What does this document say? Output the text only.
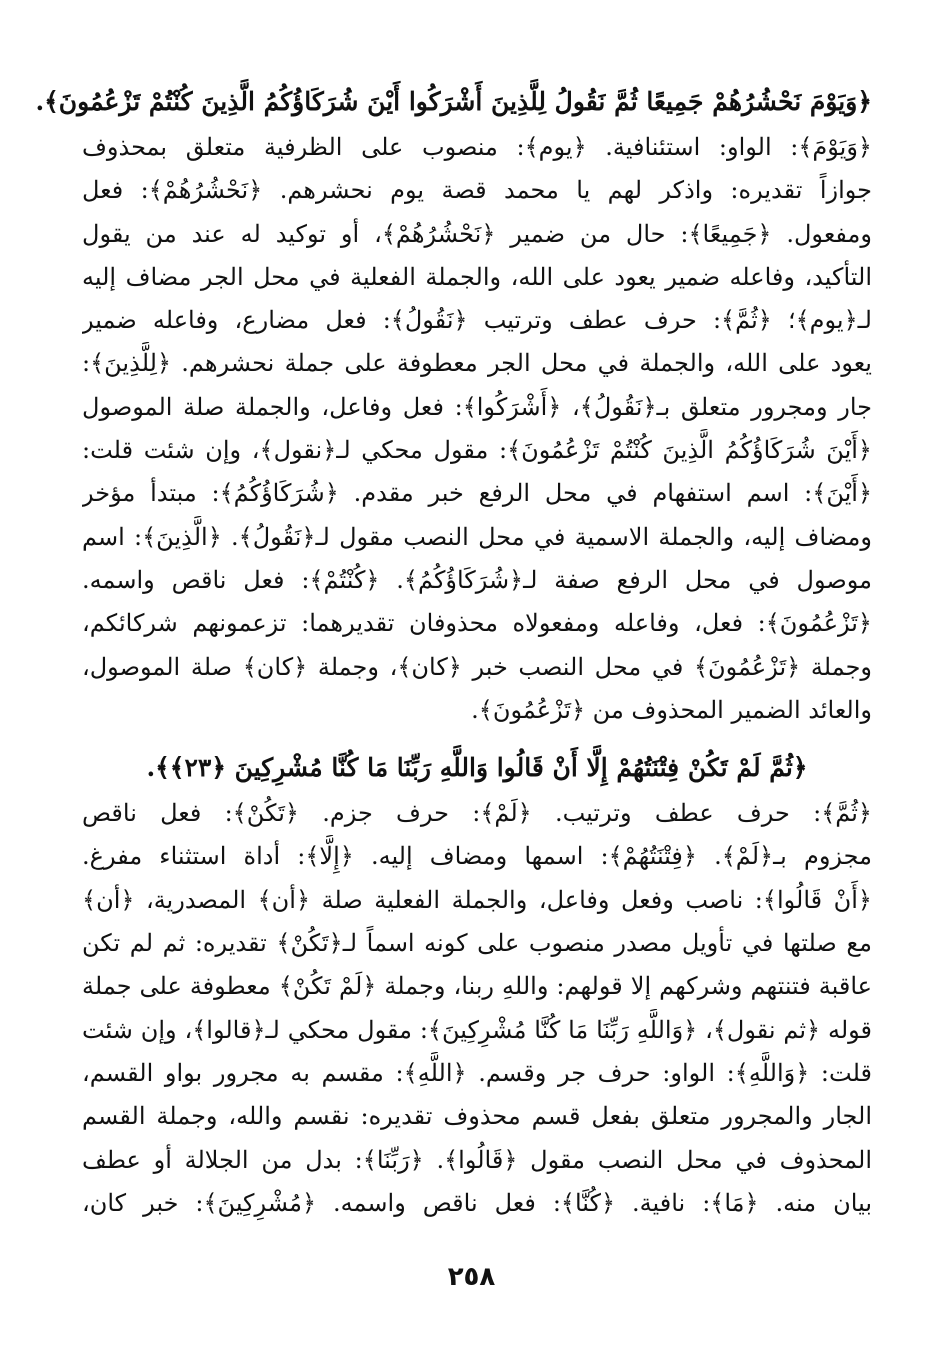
﴿وَيَوْمَ نَحْشُرُهُمْ جَمِيعًا ثُمَّ نَقُولُ لِلَّذِينَ أَشْرَكُوا أَيْنَ شُرَكَاؤُكُمُ الَّذِينَ كُنْتُمْ تَزْعُمُونَ﴾.

﴿وَيَوْمَ﴾: الواو: استئنافية. ﴿يوم﴾: منصوب على الظرفية متعلق بمحذوف
جوازاً تقديره: واذكر لهم يا محمد قصة يوم نحشرهم. ﴿نَحْشُرُهُمْ﴾: فعل
ومفعول. ﴿جَمِيعًا﴾: حال من ضمير ﴿نَحْشُرُهُمْ﴾، أو توكيد له عند من يقول
التأكيد، وفاعله ضمير يعود على الله، والجملة الفعلية في محل الجر مضاف إليه
لـ﴿يوم﴾؛ ﴿ثُمَّ﴾: حرف عطف وترتيب ﴿نَقُولُ﴾: فعل مضارع، وفاعله ضمير
يعود على الله، والجملة في محل الجر معطوفة على جملة نحشرهم. ﴿لِلَّذِينَ﴾:
جار ومجرور متعلق بـ﴿نَقُولُ﴾، ﴿أَشْرَكُوا﴾: فعل وفاعل، والجملة صلة الموصول
﴿أَيْنَ شُرَكَاؤُكُمُ الَّذِينَ كُنْتُمْ تَزْعُمُونَ﴾: مقول محكي لـ﴿نقول﴾، وإن شئت قلت:
﴿أَيْنَ﴾: اسم استفهام في محل الرفع خبر مقدم. ﴿شُرَكَاؤُكُمُ﴾: مبتدأ مؤخر
ومضاف إليه، والجملة الاسمية في محل النصب مقول لـ﴿نَقُولُ﴾. ﴿الَّذِينَ﴾: اسم
موصول في محل الرفع صفة لـ﴿شُرَكَاؤُكُمُ﴾. ﴿كُنْتُمْ﴾: فعل ناقص واسمه.
﴿تَزْعُمُونَ﴾: فعل، وفاعله ومفعولاه محذوفان تقديرهما: تزعمونهم شركائكم،
وجملة ﴿تَزْعُمُونَ﴾ في محل النصب خبر ﴿كان﴾، وجملة ﴿كان﴾ صلة الموصول،
والعائد الضمير المحذوف من ﴿تَزْعُمُونَ﴾.

﴿ثُمَّ لَمْ تَكُنْ فِتْنَتُهُمْ إِلَّا أَنْ قَالُوا وَاللَّهِ رَبِّنَا مَا كُنَّا مُشْرِكِينَ ﴿٢٣﴾﴾.

﴿ثُمَّ﴾: حرف عطف وترتيب. ﴿لَمْ﴾: حرف جزم. ﴿تَكُنْ﴾: فعل ناقص
مجزوم بـ﴿لَمْ﴾. ﴿فِتْنَتُهُمْ﴾: اسمها ومضاف إليه. ﴿إِلَّا﴾: أداة استثناء مفرغ.
﴿أَنْ قَالُوا﴾: ناصب وفعل وفاعل، والجملة الفعلية صلة ﴿أن﴾ المصدرية، ﴿أن﴾
مع صلتها في تأويل مصدر منصوب على كونه اسماً لـ﴿تَكُنْ﴾ تقديره: ثم لم تكن
عاقبة فتنتهم وشركهم إلا قولهم: واللهِ ربنا، وجملة ﴿لَمْ تَكُنْ﴾ معطوفة على جملة
قوله ﴿ثم نقول﴾، ﴿وَاللَّهِ رَبِّنَا مَا كُنَّا مُشْرِكِينَ﴾: مقول محكي لـ﴿قالوا﴾، وإن شئت
قلت: ﴿وَاللَّهِ﴾: الواو: حرف جر وقسم. ﴿اللَّهِ﴾: مقسم به مجرور بواو القسم،
الجار والمجرور متعلق بفعل قسم محذوف تقديره: نقسم والله، وجملة القسم
المحذوف في محل النصب مقول ﴿قَالُوا﴾. ﴿رَبِّنَا﴾: بدل من الجلالة أو عطف
بيان منه. ﴿مَا﴾: نافية. ﴿كُنَّا﴾: فعل ناقص واسمه. ﴿مُشْرِكِينَ﴾: خبر كان،
٢٥٨
